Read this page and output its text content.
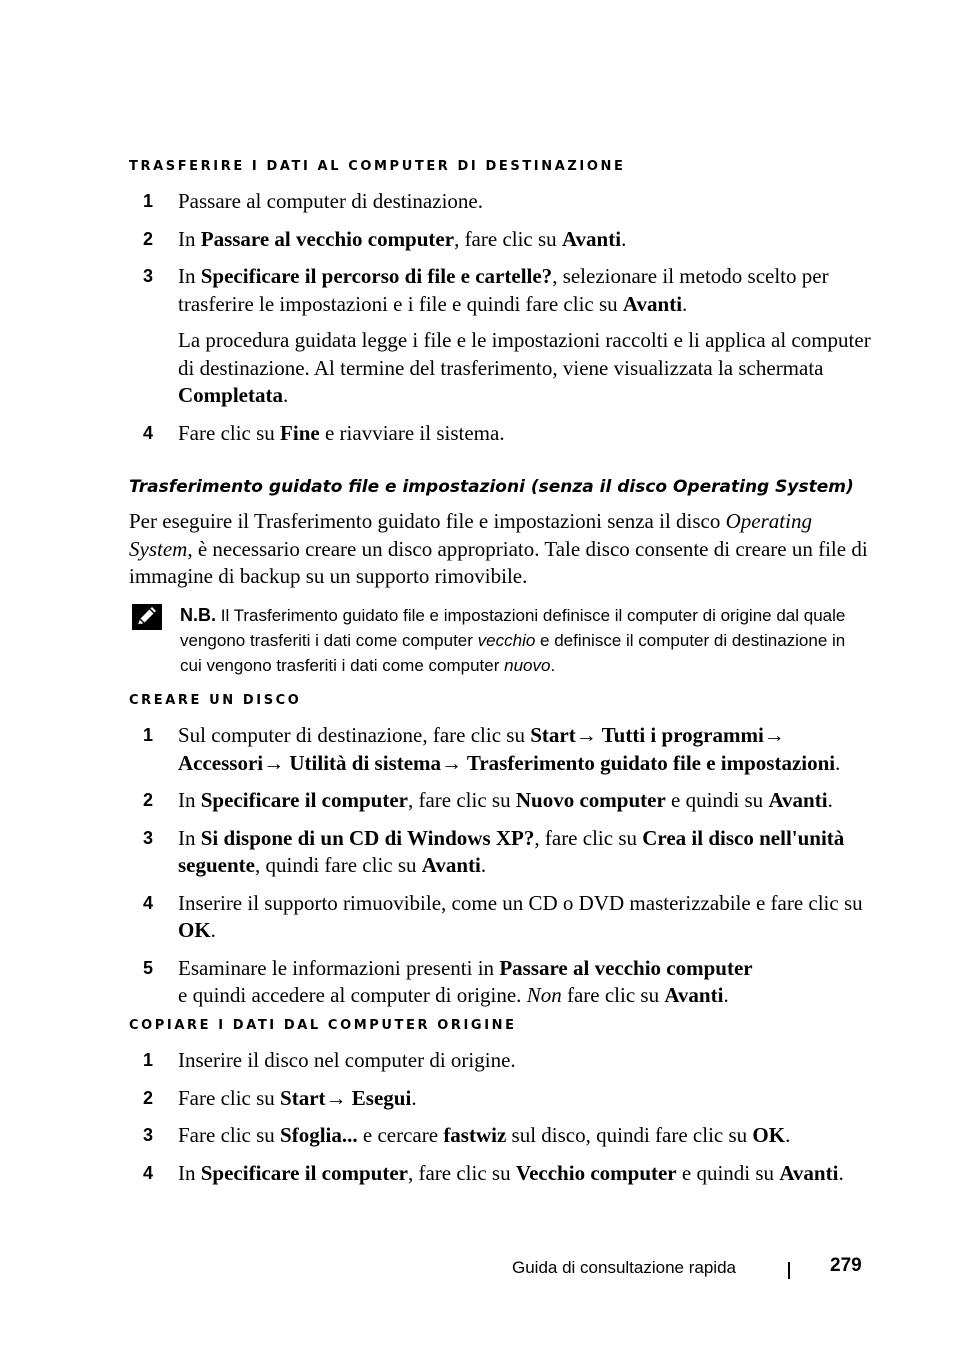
TRASFERIRE I DATI AL COMPUTER DI DESTINAZIONE
1	Passare al computer di destinazione.

2	In Passare al vecchio computer, fare clic su Avanti.

3	In Specificare il percorso di file e cartelle?, selezionare il metodo scelto per trasferire le impostazioni e i file e quindi fare clic su Avanti.

La procedura guidata legge i file e le impostazioni raccolti e li applica al computer di destinazione. Al termine del trasferimento, viene visualizzata la schermata Completata.

4	Fare clic su Fine e riavviare il sistema.

Trasferimento guidato file e impostazioni (senza il disco Operating System)

Per eseguire il Trasferimento guidato file e impostazioni senza il disco Operating System, è necessario creare un disco appropriato. Tale disco consente di creare un file di immagine di backup su un supporto rimovibile.

N.B. Il Trasferimento guidato file e impostazioni definisce il computer di origine dal quale vengono trasferiti i dati come computer vecchio e definisce il computer di destinazione in cui vengono trasferiti i dati come computer nuovo.

CREARE UN DISCO
1	Sul computer di destinazione, fare clic su Start→ Tutti i programmi→
Accessori→ Utilità di sistema→ Trasferimento guidato file e impostazioni.

2	In Specificare il computer, fare clic su Nuovo computer e quindi su Avanti.

3	In Si dispone di un CD di Windows XP?, fare clic su Crea il disco nell'unità seguente, quindi fare clic su Avanti.

4	Inserire il supporto rimuovibile, come un CD o DVD masterizzabile e fare clic su OK.

5	Esaminare le informazioni presenti in Passare al vecchio computer
e quindi accedere al computer di origine. Non fare clic su Avanti.

COPIARE I DATI DAL COMPUTER ORIGINE
1	Inserire il disco nel computer di origine.

2	Fare clic su Start→ Esegui.

3	Fare clic su Sfoglia... e cercare fastwiz sul disco, quindi fare clic su OK.

4	In Specificare il computer, fare clic su Vecchio computer e quindi su Avanti.

Guida di consultazione rapida	279
